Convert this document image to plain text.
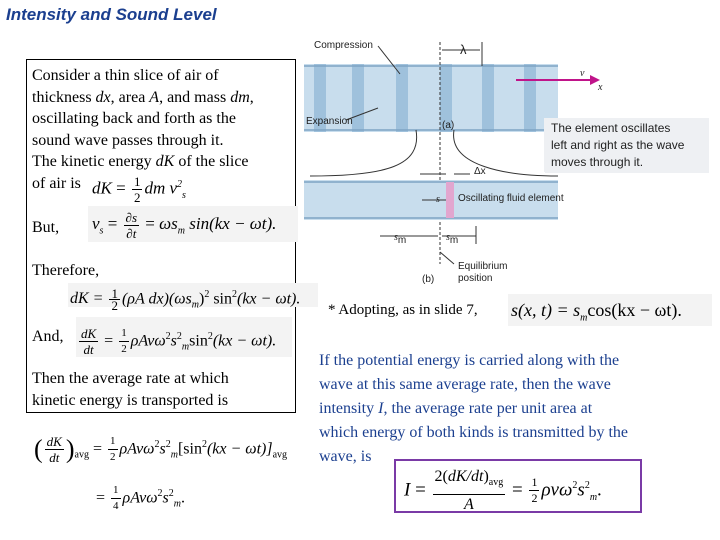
Intensity and Sound Level
Consider a thin slice of air of
thickness dx, area A, and mass dm,
oscillating back and forth as the
sound wave passes through it.
The kinetic energy dK of the slice
of air is dK = $\frac{1}{2}$ dm $v^2_s$
But, $v_s = \frac{\partial s}{\partial t} = \omega s_m$ sin(kx − ωt).
Therefore,
dK = $\frac{1}{2} (\rho A$ $dx)(\omega s_m)^2$ $\sin^2(kx - \omega t)$.
And, $\frac{dK}{dt} = \frac{1}{2} \rho Av\omega^2s^2_m\sin^2(kx - \omega t)$.
Then the average rate at which
kinetic energy is transported is
( $\frac{dK}{dt} )_{avg} = \frac{1}{2} \rho Av\omega^2s^2_m[\sin^2(kx - \omega t)]_{avg}$
= $\frac{1}{4} \rho Av\omega^2s^2_m$.
* Adopting, as in slide 7, s(x, $t) = s_m\cos(kx - \omega t)$.
If the potential energy is carried along with the
wave at this same average rate, then the wave
intensity I, the average rate per unit area at
which energy of both kinds is transmitted by the
wave, is
$I = \frac{2(dK/dt)_{avg}}{A} = \frac{1}{2} \rho v\omega^2s^2_m$.
Compression	λ
v
x
Expansion	(a)	The element oscillates
left and right as the wave
moves through it.
Δx
s Oscillating fluid element
$s_m$	$s_m$
(b)
Equilibrium
position
